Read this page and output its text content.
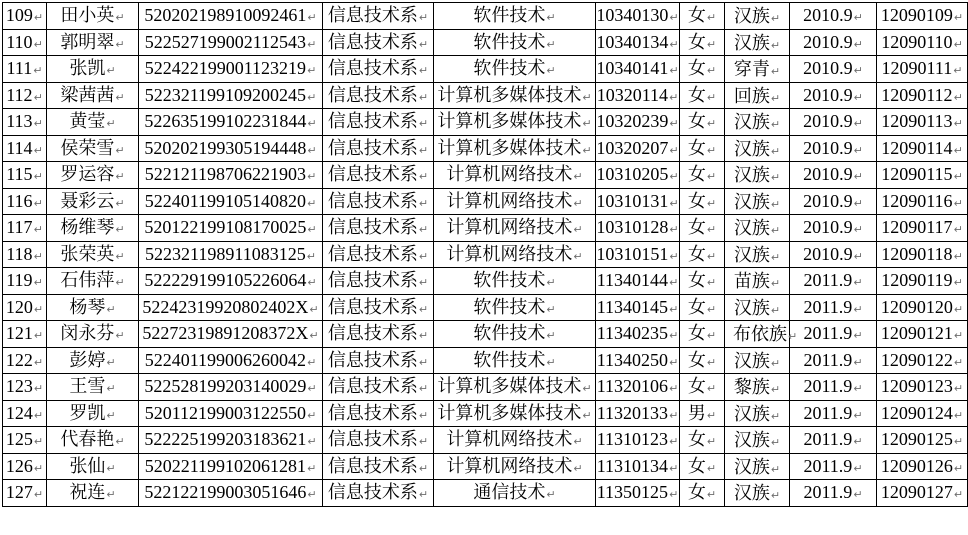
109↵	田小英↵	520202198910092461↵	信息技术系↵	软件技术↵	10340130↵	女↵	汉族↵	2010.9↵	12090109↵
110↵	郭明翠↵	522527199002112543↵	信息技术系↵	软件技术↵	10340134↵	女↵	汉族↵	2010.9↵	12090110↵
111↵	张凯↵	522422199001123219↵	信息技术系↵	软件技术↵	10340141↵	女↵	穿青↵	2010.9↵	12090111↵
112↵	梁茜茜↵	522321199109200245↵	信息技术系↵	计算机多媒体技术↵	10320114↵	女↵	回族↵	2010.9↵	12090112↵
113↵	黄莹↵	522635199102231844↵	信息技术系↵	计算机多媒体技术↵	10320239↵	女↵	汉族↵	2010.9↵	12090113↵
114↵	侯荣雪↵	520202199305194448↵	信息技术系↵	计算机多媒体技术↵	10320207↵	女↵	汉族↵	2010.9↵	12090114↵
115↵	罗运容↵	522121198706221903↵	信息技术系↵	计算机网络技术↵	10310205↵	女↵	汉族↵	2010.9↵	12090115↵
116↵	聂彩云↵	522401199105140820↵	信息技术系↵	计算机网络技术↵	10310131↵	女↵	汉族↵	2010.9↵	12090116↵
117↵	杨维琴↵	520122199108170025↵	信息技术系↵	计算机网络技术↵	10310128↵	女↵	汉族↵	2010.9↵	12090117↵
118↵	张荣英↵	522321198911083125↵	信息技术系↵	计算机网络技术↵	10310151↵	女↵	汉族↵	2010.9↵	12090118↵
119↵	石伟萍↵	522229199105226064↵	信息技术系↵	软件技术↵	11340144↵	女↵	苗族↵	2011.9↵	12090119↵
120↵	杨琴↵	52242319920802402X↵	信息技术系↵	软件技术↵	11340145↵	女↵	汉族↵	2011.9↵	12090120↵
121↵	闵永芬↵	52272319891208372X↵	信息技术系↵	软件技术↵	11340235↵	女↵	布依族↵	2011.9↵	12090121↵
122↵	彭婷↵	522401199006260042↵	信息技术系↵	软件技术↵	11340250↵	女↵	汉族↵	2011.9↵	12090122↵
123↵	王雪↵	522528199203140029↵	信息技术系↵	计算机多媒体技术↵	11320106↵	女↵	黎族↵	2011.9↵	12090123↵
124↵	罗凯↵	520112199003122550↵	信息技术系↵	计算机多媒体技术↵	11320133↵	男↵	汉族↵	2011.9↵	12090124↵
125↵	代春艳↵	522225199203183621↵	信息技术系↵	计算机网络技术↵	11310123↵	女↵	汉族↵	2011.9↵	12090125↵
126↵	张仙↵	520221199102061281↵	信息技术系↵	计算机网络技术↵	11310134↵	女↵	汉族↵	2011.9↵	12090126↵
127↵	祝连↵	522122199003051646↵	信息技术系↵	通信技术↵	11350125↵	女↵	汉族↵	2011.9↵	12090127↵
